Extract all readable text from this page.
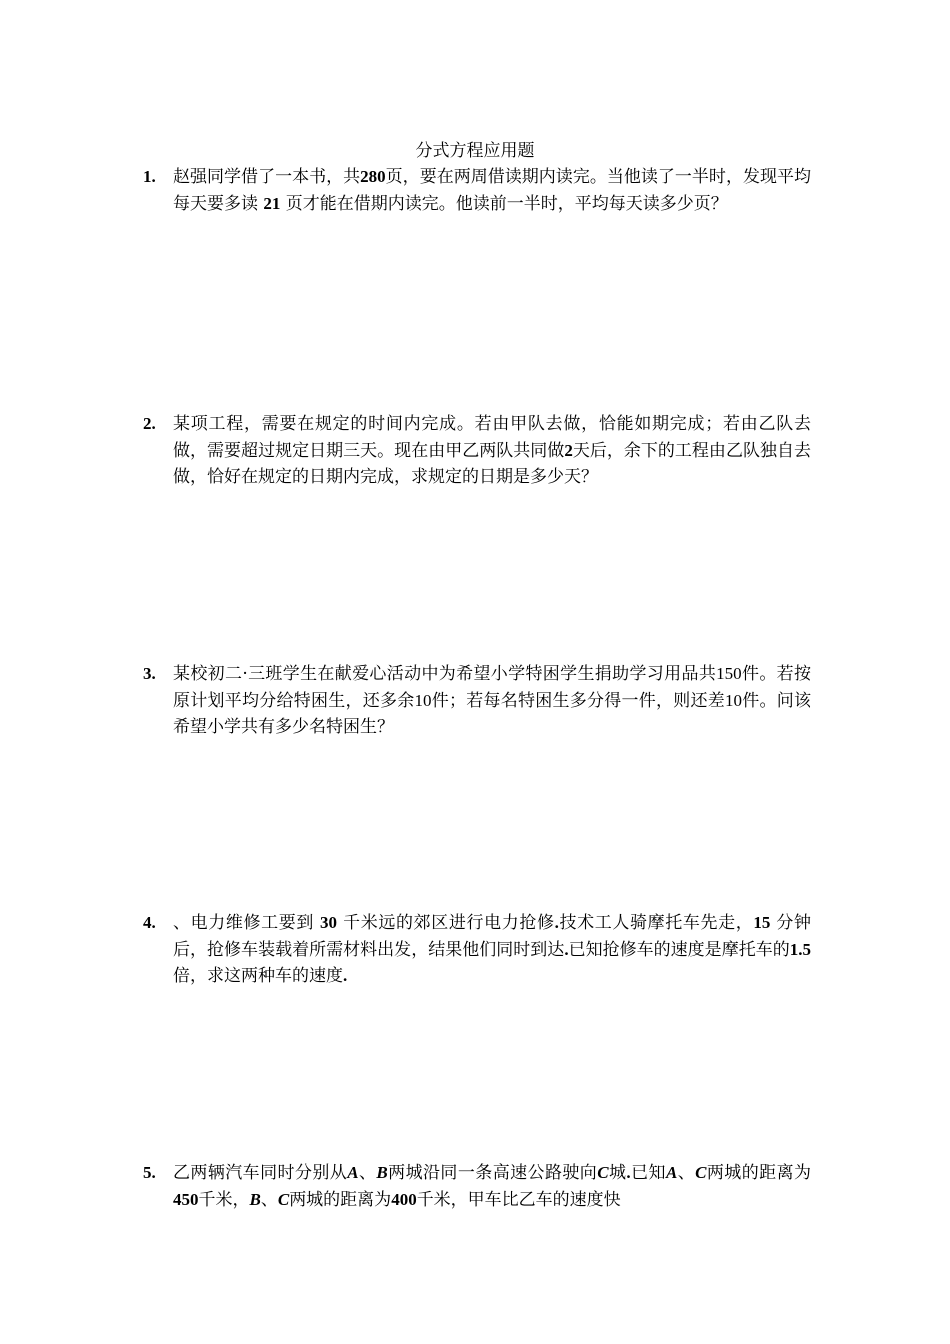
分式方程应用题
1.	赵强同学借了一本书，共280页，要在两周借读期内读完。当他读了一半时，发现平均每天要多读 21 页才能在借期内读完。他读前一半时，平均每天读多少页？
2.	某项工程，需要在规定的时间内完成。若由甲队去做，恰能如期完成；若由乙队去做，需要超过规定日期三天。现在由甲乙两队共同做2天后，余下的工程由乙队独自去做，恰好在规定的日期内完成，求规定的日期是多少天？
3.	某校初二·三班学生在献爱心活动中为希望小学特困学生捐助学习用品共150件。若按原计划平均分给特困生，还多余10件；若每名特困生多分得一件，则还差10件。问该希望小学共有多少名特困生？
4.	、电力维修工要到 30 千米远的郊区进行电力抢修.技术工人骑摩托车先走，15 分钟后，抢修车装载着所需材料出发，结果他们同时到达.已知抢修车的速度是摩托车的1.5倍，求这两种车的速度.
5.	乙两辆汽车同时分别从A、B两城沿同一条高速公路驶向C城.已知A、C两城的距离为450千米，B、C两城的距离为400千米，甲车比乙车的速度快
